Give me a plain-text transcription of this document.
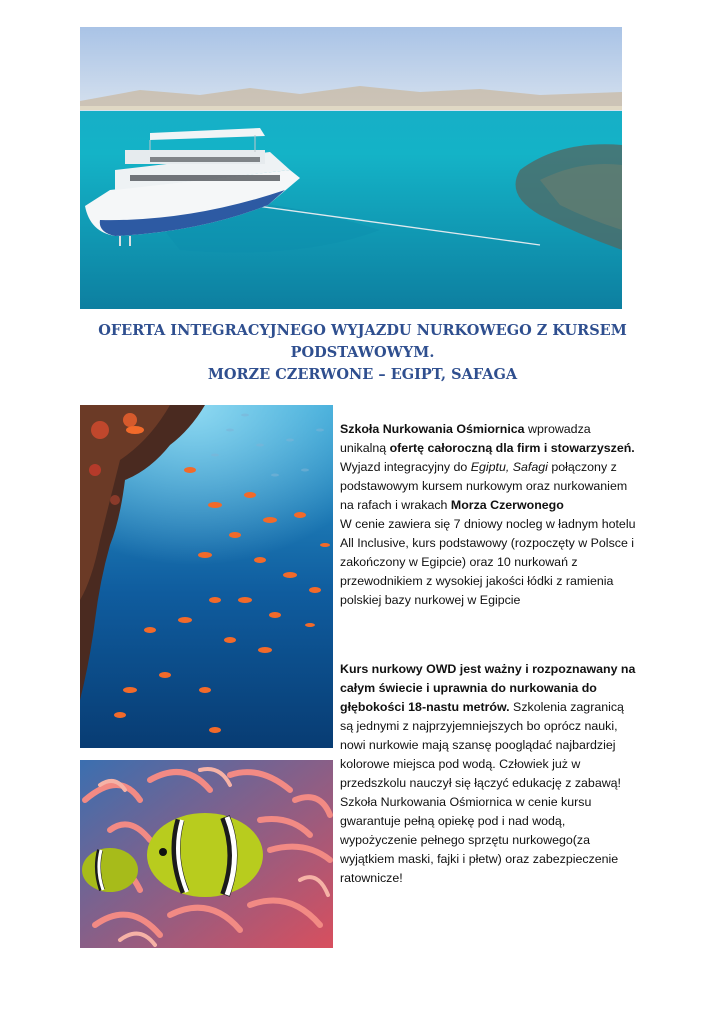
OFERTA INTEGRACYJNEGO WYJAZDU NURKOWEGO Z KURSEM
PODSTAWOWYM.
MORZE CZERWONE – EGIPT, SAFAGA

Szkoła Nurkowania Ośmiornica wprowadza unikalną ofertę całoroczną dla firm i stowarzyszeń.

Wyjazd integracyjny do Egiptu, Safagi połączony z podstawowym kursem nurkowym oraz nurkowaniem na rafach i wrakach Morza Czerwonego

W cenie zawiera się 7 dniowy nocleg w ładnym hotelu All Inclusive, kurs podstawowy (rozpoczęty w Polsce i zakończony w Egipcie) oraz 10 nurkowań z przewodnikiem z wysokiej jakości łódki z ramienia polskiej bazy nurkowej w Egipcie

Kurs nurkowy OWD jest ważny i rozpoznawany na całym świecie i uprawnia do nurkowania do głębokości 18-nastu metrów. Szkolenia zagranicą są jednymi z najprzyjemniejszych bo oprócz nauki, nowi nurkowie mają szansę pooglądać najbardziej kolorowe miejsca pod wodą. Człowiek już w przedszkolu nauczył się łączyć edukację z zabawą! Szkoła Nurkowania Ośmiornica w cenie kursu gwarantuje pełną opiekę pod i nad wodą, wypożyczenie pełnego sprzętu nurkowego(za wyjątkiem maski, fajki i płetw) oraz zabezpieczenie ratownicze!
